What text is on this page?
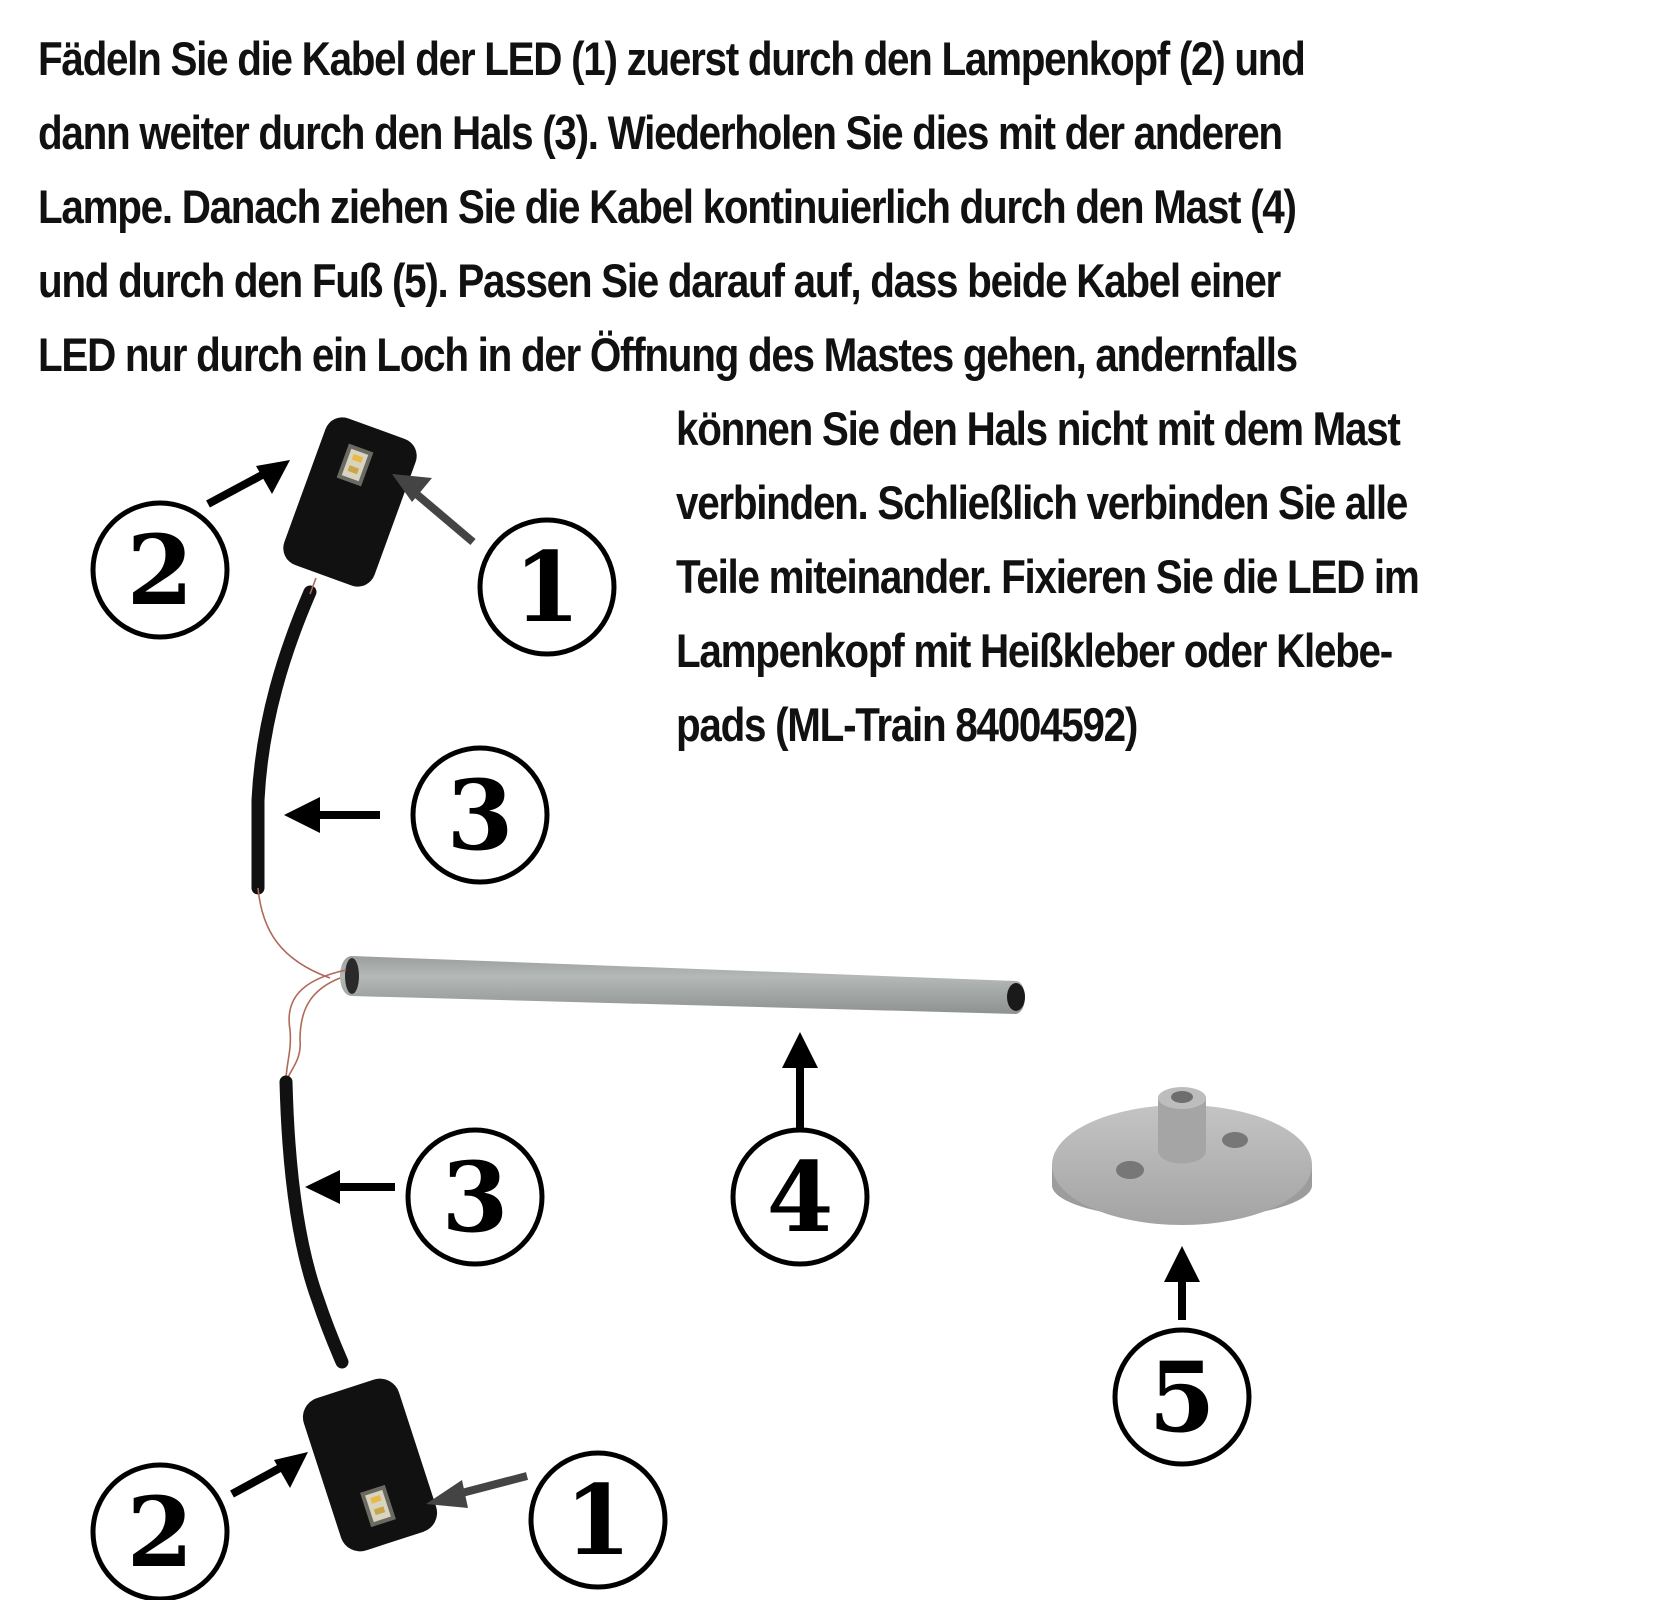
Fädeln Sie die Kabel der LED (1) zuerst durch den Lampenkopf (2) und
dann weiter durch den Hals (3). Wiederholen Sie dies mit der anderen
Lampe. Danach ziehen Sie die Kabel kontinuierlich durch den Mast (4)
und durch den Fuß (5). Passen Sie darauf auf, dass beide Kabel einer
LED nur durch ein Loch in der Öffnung des Mastes gehen, andernfalls
können Sie den Hals nicht mit dem Mast
verbinden. Schließlich verbinden Sie alle
Teile miteinander. Fixieren Sie die LED im
Lampenkopf mit Heißkleber oder Klebe-
pads (ML-Train 84004592)
1
2
3
3	4
5
2	1
